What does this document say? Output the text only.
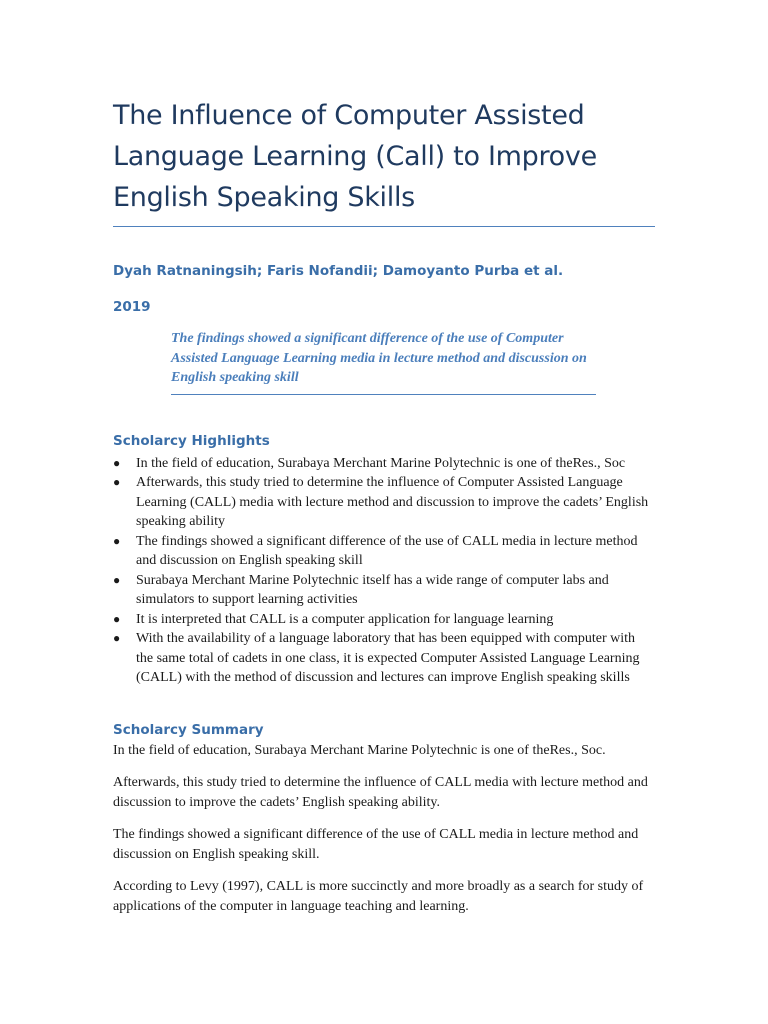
The Influence of Computer Assisted Language Learning (Call) to Improve English Speaking Skills
Dyah Ratnaningsih; Faris Nofandii; Damoyanto Purba et al.
2019
The findings showed a significant difference of the use of Computer Assisted Language Learning media in lecture method and discussion on English speaking skill
Scholarcy Highlights
● In the field of education, Surabaya Merchant Marine Polytechnic is one of theRes., Soc
● Afterwards, this study tried to determine the influence of Computer Assisted Language Learning (CALL) media with lecture method and discussion to improve the cadets’ English speaking ability
● The findings showed a significant difference of the use of CALL media in lecture method and discussion on English speaking skill
● Surabaya Merchant Marine Polytechnic itself has a wide range of computer labs and simulators to support learning activities
● It is interpreted that CALL is a computer application for language learning
● With the availability of a language laboratory that has been equipped with computer with the same total of cadets in one class, it is expected Computer Assisted Language Learning (CALL) with the method of discussion and lectures can improve English speaking skills
Scholarcy Summary

In the field of education, Surabaya Merchant Marine Polytechnic is one of theRes., Soc.

Afterwards, this study tried to determine the influence of CALL media with lecture method and discussion to improve the cadets’ English speaking ability.

The findings showed a significant difference of the use of CALL media in lecture method and discussion on English speaking skill.

According to Levy (1997), CALL is more succinctly and more broadly as a search for study of applications of the computer in language teaching and learning.
